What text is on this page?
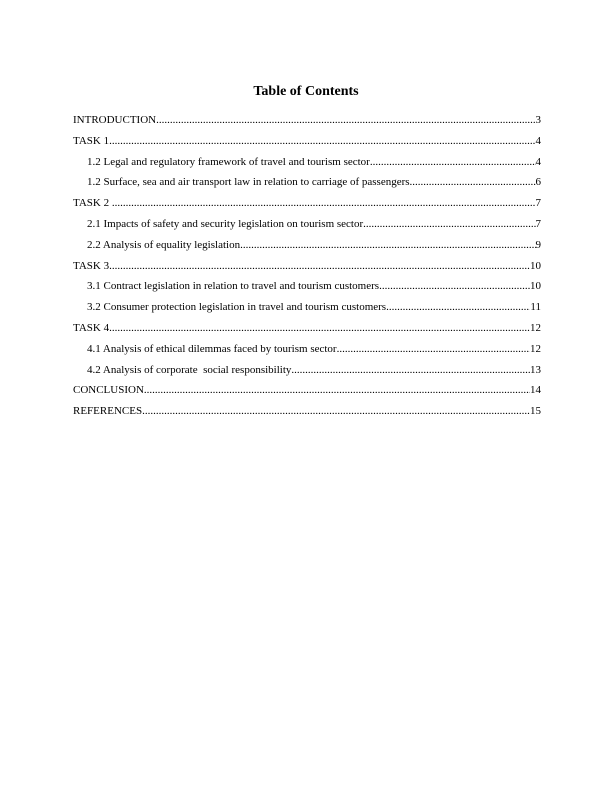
Table of Contents
INTRODUCTION .....	3
TASK 1 .....	4
1.2 Legal and regulatory framework of travel and tourism sector .....	4
1.2 Surface, sea and air transport law in relation to carriage of passengers .....	6
TASK 2 .....	7
2.1 Impacts of safety and security legislation on tourism sector .....	7
2.2 Analysis of equality legislation .....	9
TASK 3 .....	10
3.1 Contract legislation in relation to travel and tourism customers .....	10
3.2 Consumer protection legislation in travel and tourism customers .....	11
TASK 4 .....	12
4.1 Analysis of ethical dilemmas faced by tourism sector .....	12
4.2 Analysis of corporate  social responsibility .....	13
CONCLUSION .....	14
REFERENCES .....	15
